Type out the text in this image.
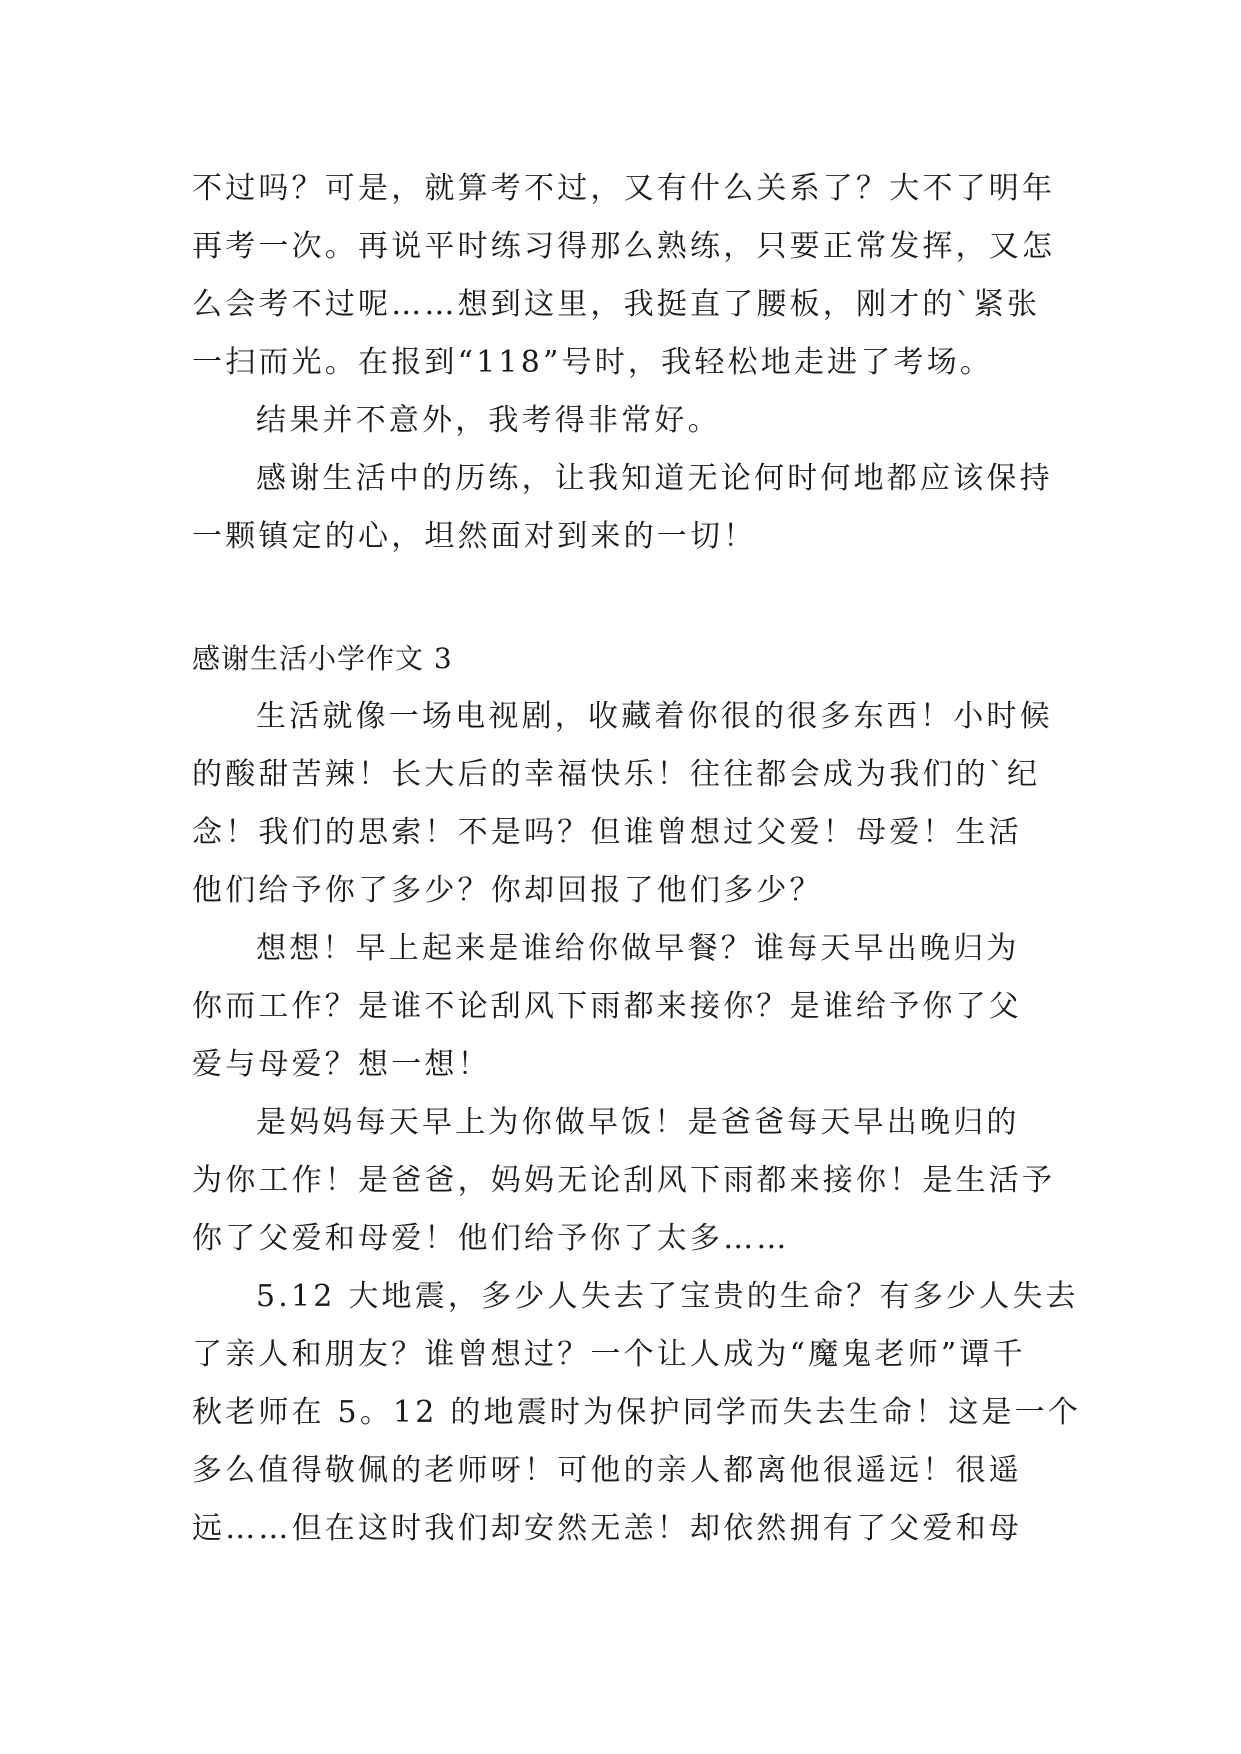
不过吗？可是，就算考不过，又有什么关系了？大不了明年
再考一次。再说平时练习得那么熟练，只要正常发挥，又怎
么会考不过呢……想到这里，我挺直了腰板，刚才的`紧张
一扫而光。在报到“118”号时，我轻松地走进了考场。
结果并不意外，我考得非常好。
感谢生活中的历练，让我知道无论何时何地都应该保持
一颗镇定的心，坦然面对到来的一切！
感谢生活小学作文 3
生活就像一场电视剧，收藏着你很的很多东西！小时候
的酸甜苦辣！长大后的幸福快乐！往往都会成为我们的`纪
念！我们的思索！不是吗？但谁曾想过父爱！母爱！生活
他们给予你了多少？你却回报了他们多少？
想想！早上起来是谁给你做早餐？谁每天早出晚归为
你而工作？是谁不论刮风下雨都来接你？是谁给予你了父
爱与母爱？想一想！
是妈妈每天早上为你做早饭！是爸爸每天早出晚归的
为你工作！是爸爸，妈妈无论刮风下雨都来接你！是生活予
你了父爱和母爱！他们给予你了太多……
5.12 大地震，多少人失去了宝贵的生命？有多少人失去
了亲人和朋友？谁曾想过？一个让人成为“魔鬼老师”谭千
秋老师在 5。12 的地震时为保护同学而失去生命！这是一个
多么值得敬佩的老师呀！可他的亲人都离他很遥远！很遥
远……但在这时我们却安然无恙！却依然拥有了父爱和母
